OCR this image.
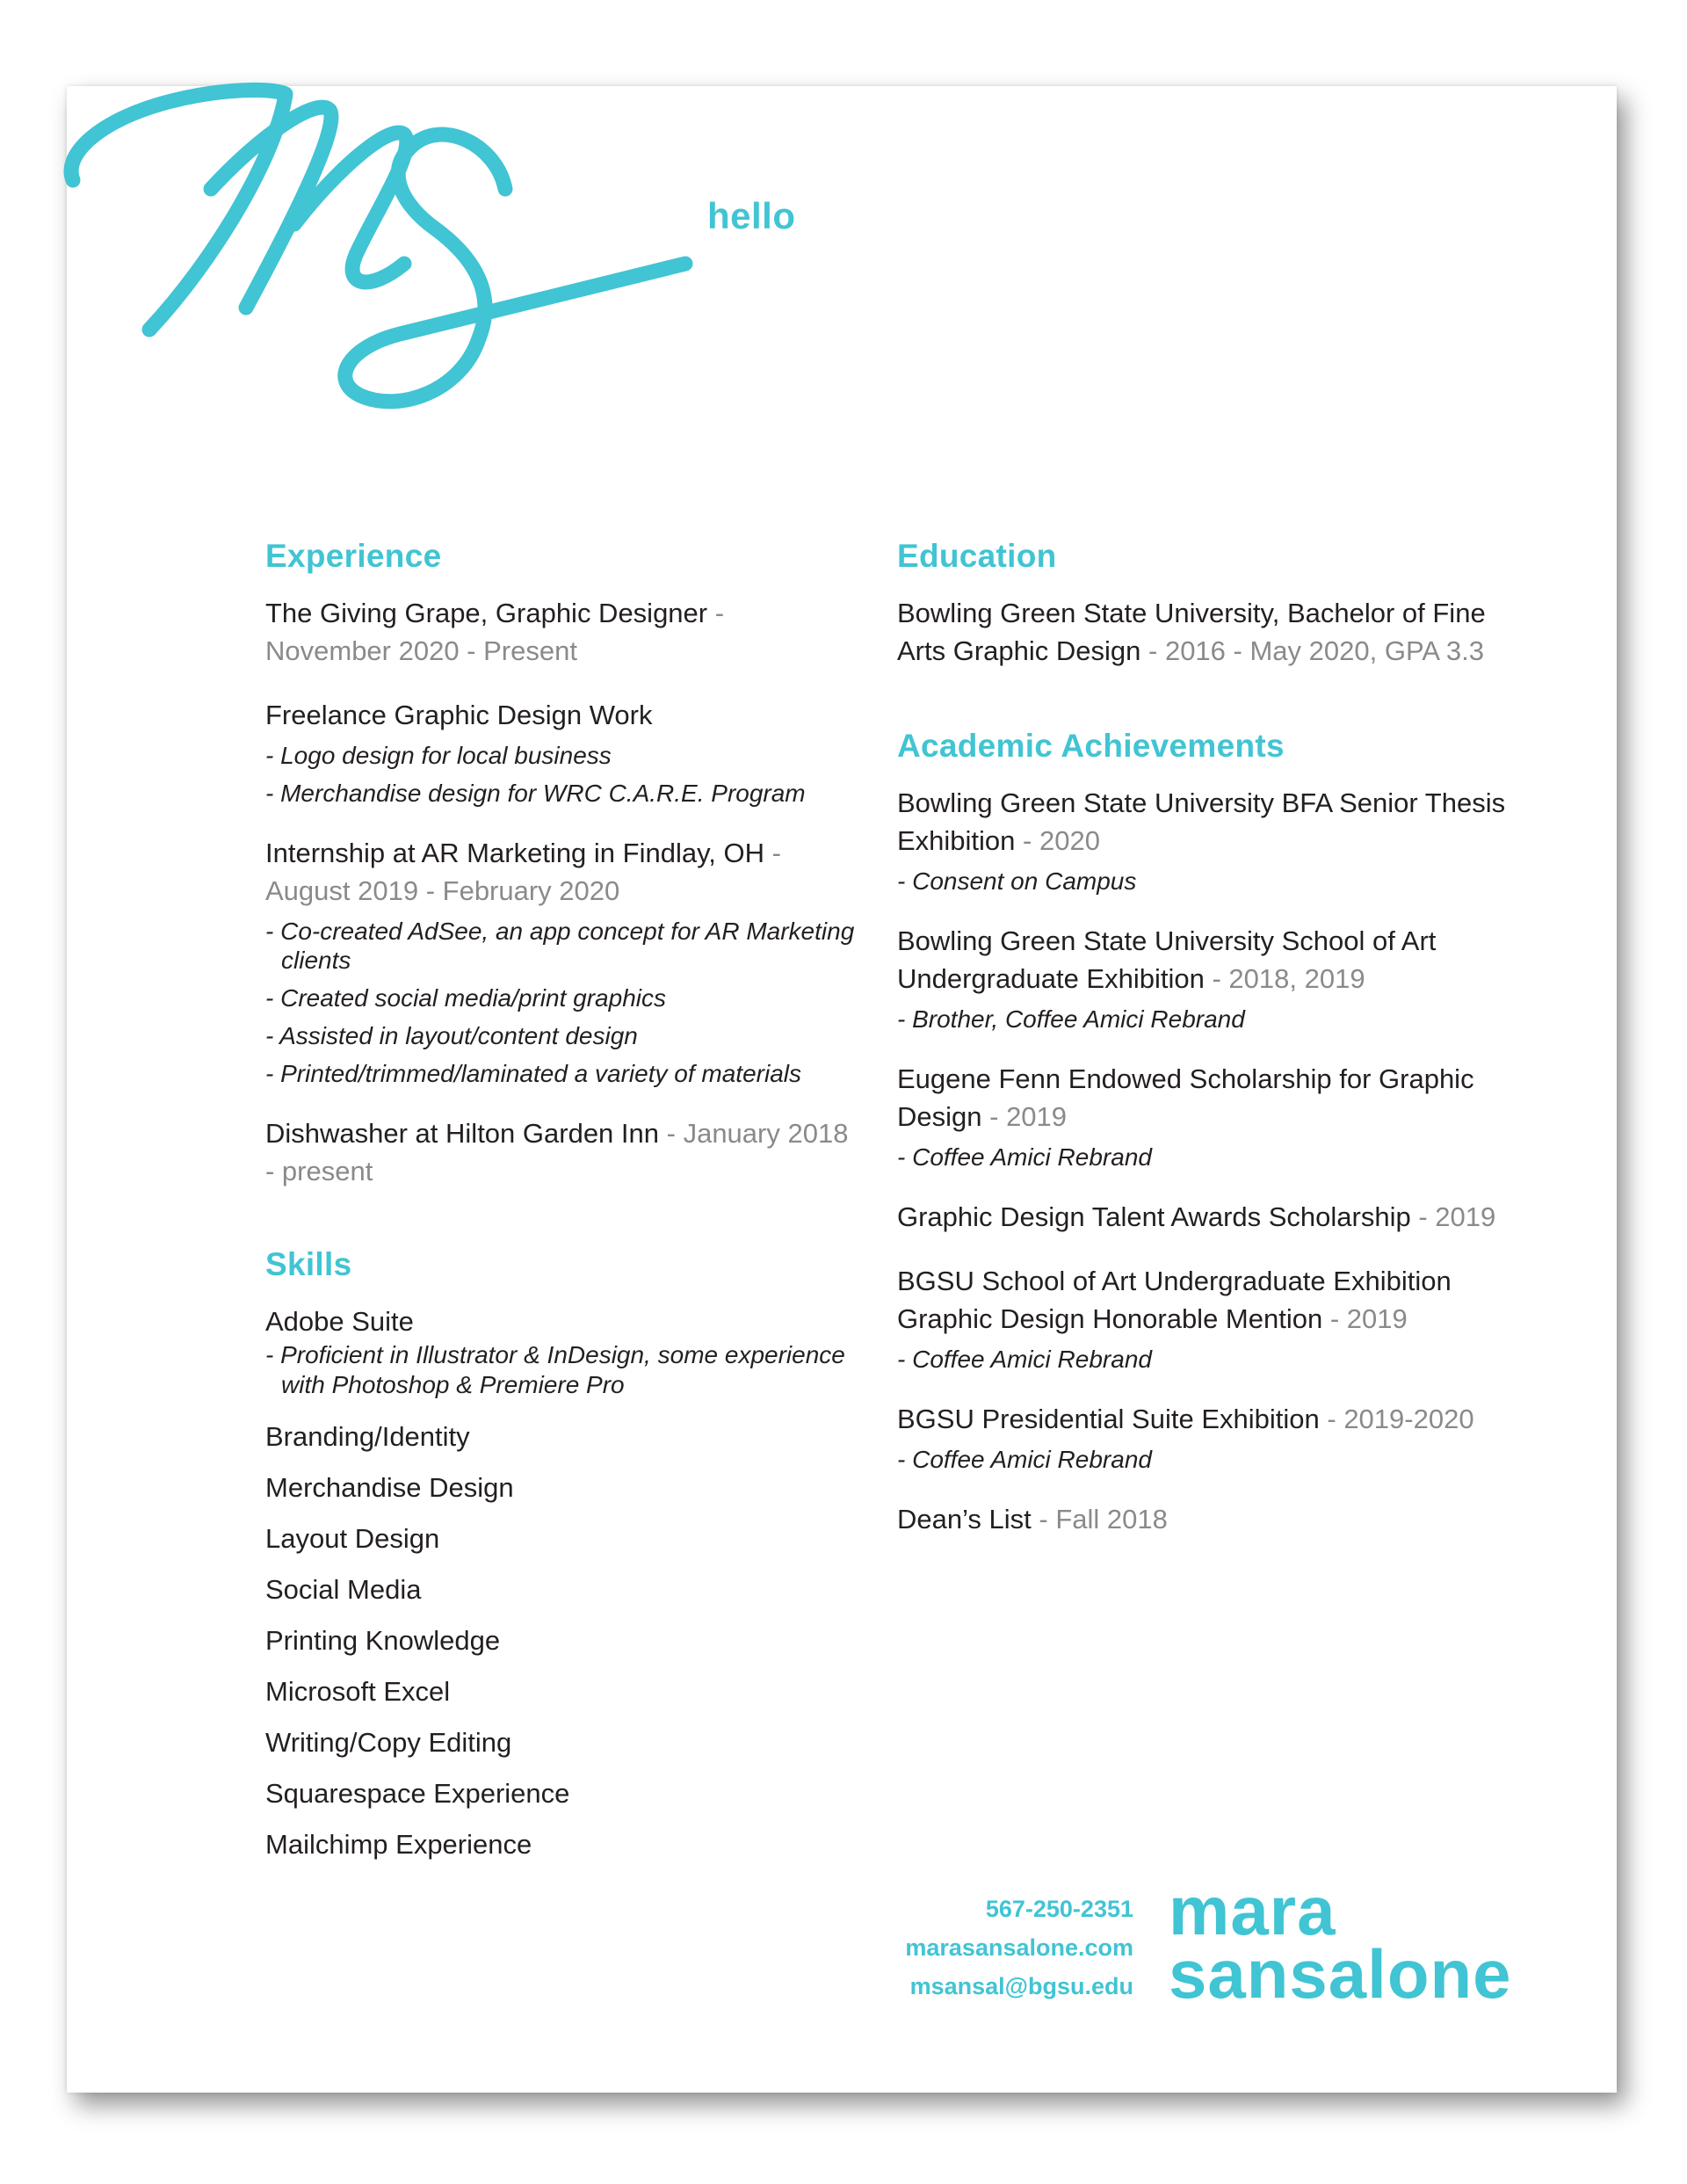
hello
Experience
The Giving Grape, Graphic Designer -
November 2020 - Present
Freelance Graphic Design Work
- Logo design for local business
- Merchandise design for WRC C.A.R.E. Program
Internship at AR Marketing in Findlay, OH -
August 2019 - February 2020
- Co-created AdSee, an app concept for AR Marketing clients
- Created social media/print graphics
- Assisted in layout/content design
- Printed/trimmed/laminated a variety of materials
Dishwasher at Hilton Garden Inn - January 2018 - present
Skills
Adobe Suite
- Proficient in Illustrator & InDesign, some experience with Photoshop & Premiere Pro
Branding/Identity
Merchandise Design
Layout Design
Social Media
Printing Knowledge
Microsoft Excel
Writing/Copy Editing
Squarespace Experience
Mailchimp Experience
Education
Bowling Green State University, Bachelor of Fine Arts Graphic Design - 2016 - May 2020, GPA 3.3
Academic Achievements
Bowling Green State University BFA Senior Thesis Exhibition - 2020
- Consent on Campus
Bowling Green State University School of Art Undergraduate Exhibition - 2018, 2019
- Brother, Coffee Amici Rebrand
Eugene Fenn Endowed Scholarship for Graphic Design - 2019
- Coffee Amici Rebrand
Graphic Design Talent Awards Scholarship - 2019
BGSU School of Art Undergraduate Exhibition Graphic Design Honorable Mention - 2019
- Coffee Amici Rebrand
BGSU Presidential Suite Exhibition - 2019-2020
- Coffee Amici Rebrand
Dean’s List - Fall 2018
567-250-2351
marasansalone.com
msansal@bgsu.edu
mara
sansalone
